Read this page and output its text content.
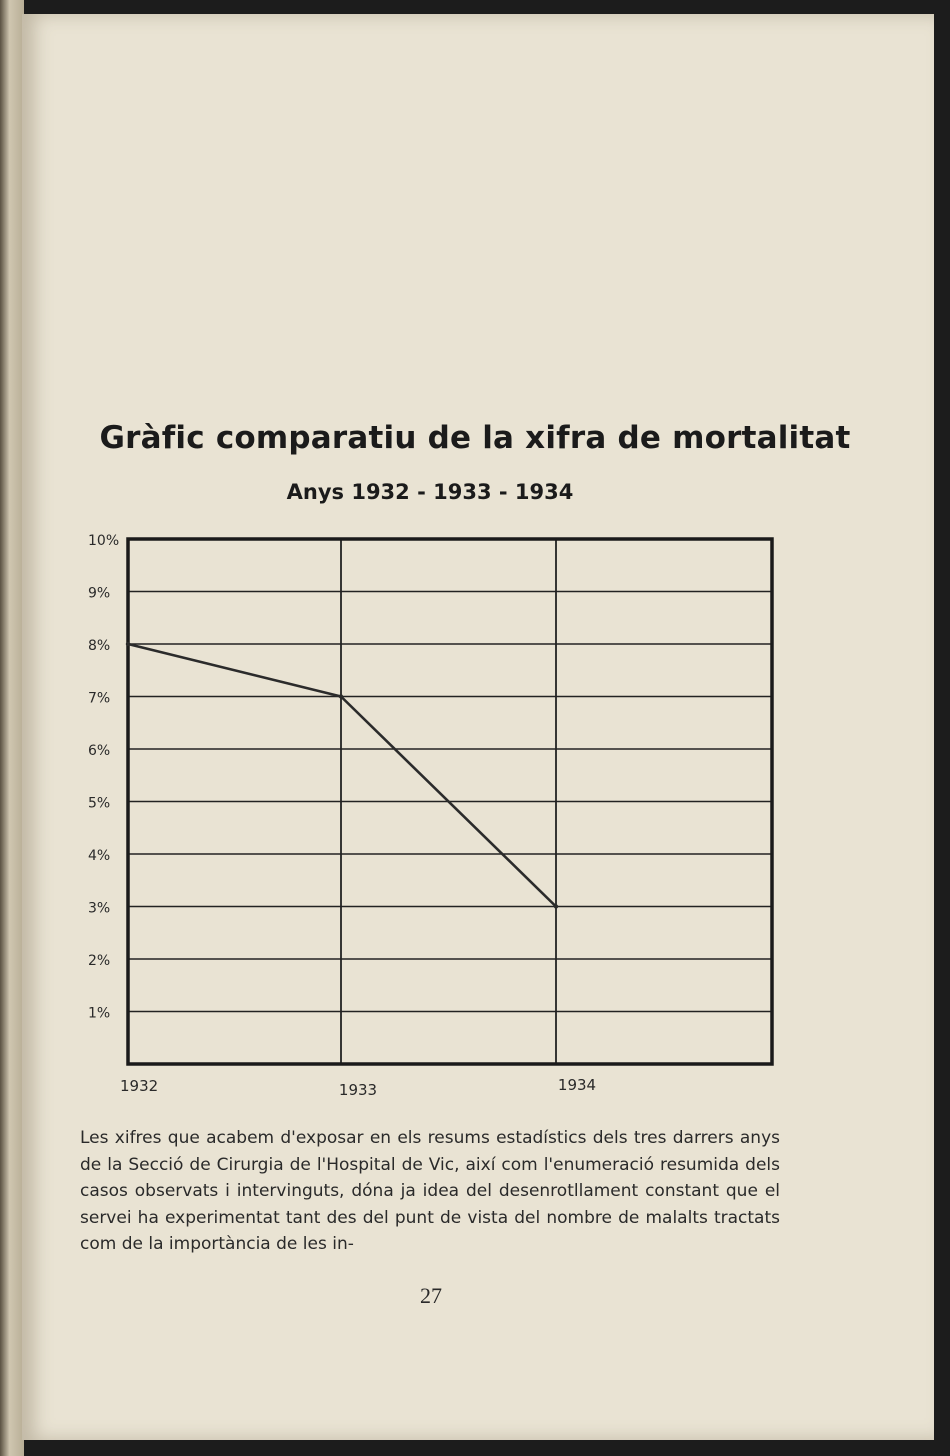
Gràfic comparatiu de la xifra de mortalitat
Anys 1932 - 1933 - 1934
1%
2%
3%
4%
5%
6%
7%
8%
9%
10%
1932	1933	1934

Les xifres que acabem d'exposar en els resums estadístics dels tres darrers anys de la Secció de Cirurgia de l'Hospital de Vic, així com l'enumeració resumida dels casos observats i intervinguts, dóna ja idea del desenrotllament constant que el servei ha experimentat tant des del punt de vista del nombre de malalts tractats com de la importància de les in-

27
